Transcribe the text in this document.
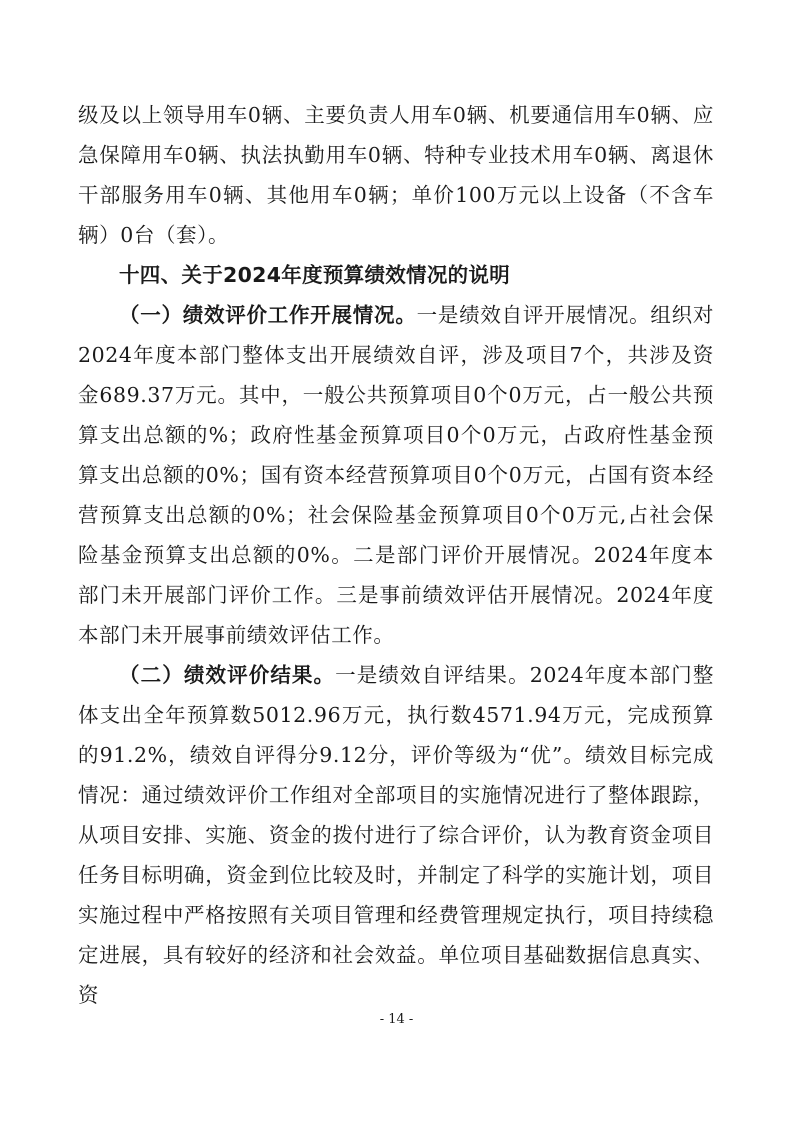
级及以上领导用车0辆、主要负责人用车0辆、机要通信用车0辆、应急保障用车0辆、执法执勤用车0辆、特种专业技术用车0辆、离退休干部服务用车0辆、其他用车0辆；单价100万元以上设备（不含车辆）0台（套）。

十四、关于2024年度预算绩效情况的说明

（一）绩效评价工作开展情况。一是绩效自评开展情况。组织对2024年度本部门整体支出开展绩效自评，涉及项目7个，共涉及资金689.37万元。其中，一般公共预算项目0个0万元，占一般公共预算支出总额的%；政府性基金预算项目0个0万元，占政府性基金预算支出总额的0%；国有资本经营预算项目0个0万元，占国有资本经营预算支出总额的0%；社会保险基金预算项目0个0万元,占社会保险基金预算支出总额的0%。二是部门评价开展情况。2024年度本部门未开展部门评价工作。三是事前绩效评估开展情况。2024年度本部门未开展事前绩效评估工作。

（二）绩效评价结果。一是绩效自评结果。2024年度本部门整体支出全年预算数5012.96万元，执行数4571.94万元，完成预算的91.2%，绩效自评得分9.12分，评价等级为“优”。绩效目标完成情况：通过绩效评价工作组对全部项目的实施情况进行了整体跟踪，从项目安排、实施、资金的拨付进行了综合评价，认为教育资金项目任务目标明确，资金到位比较及时，并制定了科学的实施计划，项目实施过程中严格按照有关项目管理和经费管理规定执行，项目持续稳定进展，具有较好的经济和社会效益。单位项目基础数据信息真实、资

- 14 -
